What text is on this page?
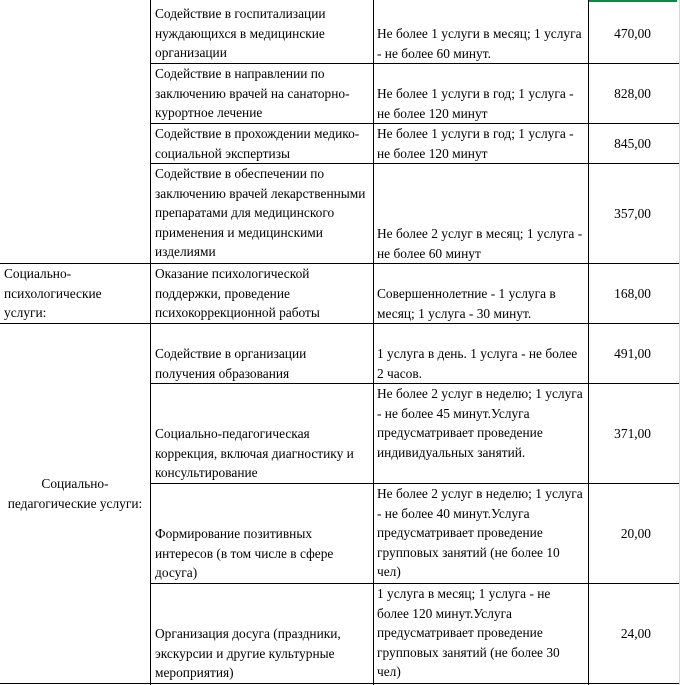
Содействие в госпитализации нуждающихся в медицинские организации
Не более 1 услуги в месяц; 1 услуга - не более 60 минут.
470,00
Содействие в направлении по заключению врачей на санаторно-курортное лечение
Не более 1 услуги в год; 1 услуга - не более 120 минут
828,00
Содействие в прохождении медико-социальной экспертизы
Не более 1 услуги в год; 1 услуга - не более 120 минут
845,00
Содействие в обеспечении по заключению врачей лекарственными препаратами для медицинского применения и медицинскими изделиями
Не более 2 услуг в месяц; 1 услуга - не более 60 минут
357,00
Социально-психологические услуги:
Оказание психологической поддержки, проведение психокоррекционной работы
Совершеннолетние - 1 услуга в месяц; 1 услуга - 30 минут.
168,00
Социально-педагогические услуги:
Содействие в организации получения образования
1 услуга в день. 1 услуга - не более 2 часов.
491,00
Социально-педагогическая коррекция, включая диагностику и консультирование
Не более 2 услуг в неделю; 1 услуга - не более 45 минут.Услуга предусматривает проведение индивидуальных занятий.
371,00
Формирование позитивных интересов (в том числе в сфере досуга)
Не более 2 услуг в неделю; 1 услуга - не более 40 минут.Услуга предусматривает проведение групповых занятий (не более 10 чел)
20,00
Организация досуга (праздники, экскурсии и другие культурные мероприятия)
1 услуга в месяц; 1 услуга - не более 120 минут.Услуга предусматривает проведение групповых занятий (не более 30 чел)
24,00
